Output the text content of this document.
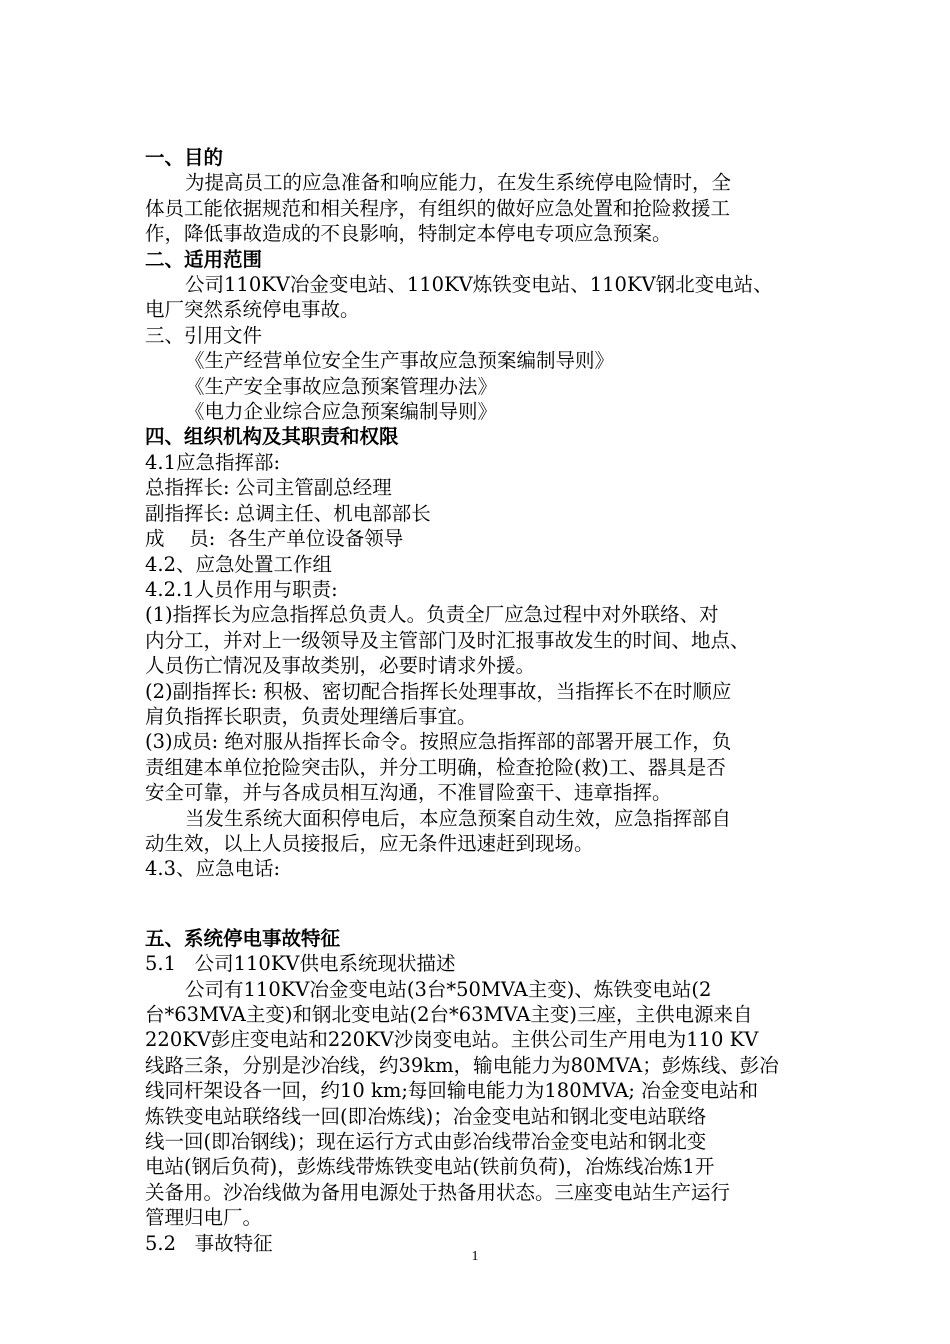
一、目的
为提高员工的应急准备和响应能力，在发生系统停电险情时，全
体员工能依据规范和相关程序，有组织的做好应急处置和抢险救援工
作，降低事故造成的不良影响，特制定本停电专项应急预案。
二、适用范围
公司110KV冶金变电站、110KV炼铁变电站、110KV钢北变电站、
电厂突然系统停电事故。
三、引用文件
《生产经营单位安全生产事故应急预案编制导则》
《生产安全事故应急预案管理办法》
《电力企业综合应急预案编制导则》
四、组织机构及其职责和权限
4.1应急指挥部:
总指挥长: 公司主管副总经理
副指挥长: 总调主任、机电部部长
成    员:  各生产单位设备领导
4.2、应急处置工作组
4.2.1人员作用与职责:
(1)指挥长为应急指挥总负责人。负责全厂应急过程中对外联络、对
内分工，并对上一级领导及主管部门及时汇报事故发生的时间、地点、
人员伤亡情况及事故类别，必要时请求外援。
(2)副指挥长: 积极、密切配合指挥长处理事故，当指挥长不在时顺应
肩负指挥长职责，负责处理缮后事宜。
(3)成员: 绝对服从指挥长命令。按照应急指挥部的部署开展工作，负
责组建本单位抢险突击队，并分工明确，检查抢险(救)工、器具是否
安全可靠，并与各成员相互沟通，不准冒险蛮干、违章指挥。
当发生系统大面积停电后，本应急预案自动生效，应急指挥部自
动生效，以上人员接报后，应无条件迅速赶到现场。
4.3、应急电话:
五、系统停电事故特征
5.1   公司110KV供电系统现状描述
公司有110KV冶金变电站(3台*50MVA主变)、炼铁变电站(2
台*63MVA主变)和钢北变电站(2台*63MVA主变)三座，主供电源来自
220KV彭庄变电站和220KV沙岗变电站。主供公司生产用电为110 KV
线路三条，分别是沙冶线，约39km，输电能力为80MVA；彭炼线、彭冶
线同杆架设各一回，约10 km;每回输电能力为180MVA; 冶金变电站和
炼铁变电站联络线一回(即冶炼线)；冶金变电站和钢北变电站联络
线一回(即冶钢线)；现在运行方式由彭冶线带冶金变电站和钢北变
电站(钢后负荷)，彭炼线带炼铁变电站(铁前负荷)，冶炼线冶炼1开
关备用。沙冶线做为备用电源处于热备用状态。三座变电站生产运行
管理归电厂。
5.2   事故特征
1
